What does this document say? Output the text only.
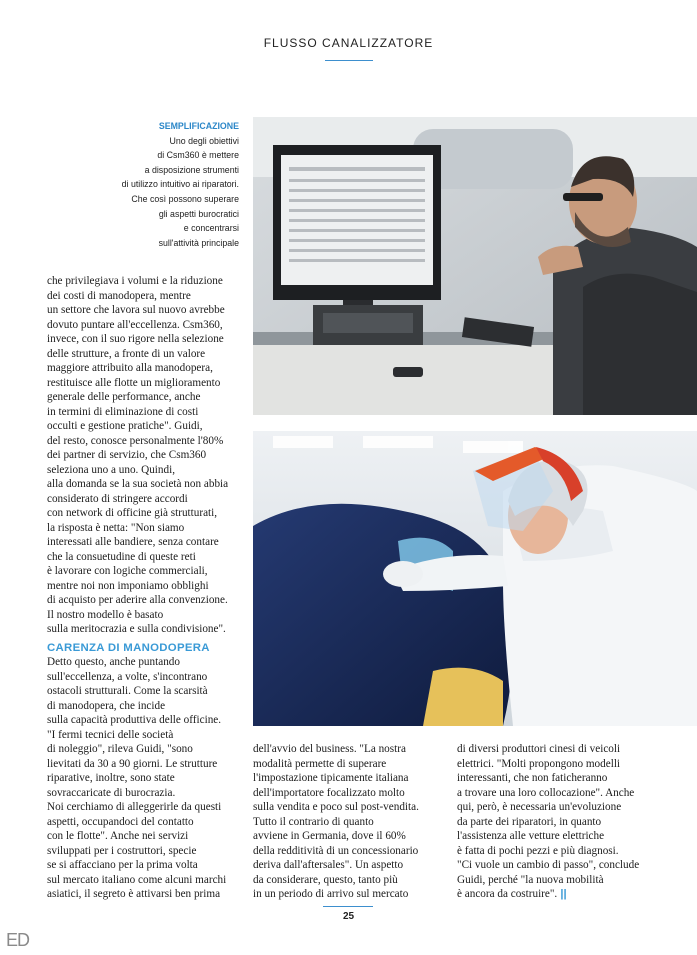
FLUSSO CANALIZZATORE
SEMPLIFICAZIONE

Uno degli obiettivi
di Csm360 è mettere
a disposizione strumenti
di utilizzo intuitivo ai riparatori.
Che così possono superare
gli aspetti burocratici
e concentrarsi
sull'attività principale
che privilegiava i volumi e la riduzione
dei costi di manodopera, mentre
un settore che lavora sul nuovo avrebbe
dovuto puntare all'eccellenza. Csm360,
invece, con il suo rigore nella selezione
delle strutture, a fronte di un valore
maggiore attribuito alla manodopera,
restituisce alle flotte un miglioramento
generale delle performance, anche
in termini di eliminazione di costi
occulti e gestione pratiche". Guidi,
del resto, conosce personalmente l'80%
dei partner di servizio, che Csm360
seleziona uno a uno. Quindi,
alla domanda se la sua società non abbia
considerato di stringere accordi
con network di officine già strutturati,
la risposta è netta: "Non siamo
interessati alle bandiere, senza contare
che la consuetudine di queste reti
è lavorare con logiche commerciali,
mentre noi non imponiamo obblighi
di acquisto per aderire alla convenzione.
Il nostro modello è basato
sulla meritocrazia e sulla condivisione".
CARENZA DI MANODOPERA
Detto questo, anche puntando
sull'eccellenza, a volte, s'incontrano
ostacoli strutturali. Come la scarsità
di manodopera, che incide
sulla capacità produttiva delle officine.
"I fermi tecnici delle società
di noleggio", rileva Guidi, "sono
lievitati da 30 a 90 giorni. Le strutture
riparative, inoltre, sono state
sovraccaricate di burocrazia.
Noi cerchiamo di alleggerirle da questi
aspetti, occupandoci del contatto
con le flotte". Anche nei servizi
sviluppati per i costruttori, specie
se si affacciano per la prima volta
sul mercato italiano come alcuni marchi
asiatici, il segreto è attivarsi ben prima
dell'avvio del business. "La nostra
modalità permette di superare
l'impostazione tipicamente italiana
dell'importatore focalizzato molto
sulla vendita e poco sul post-vendita.
Tutto il contrario di quanto
avviene in Germania, dove il 60%
della redditività di un concessionario
deriva dall'aftersales". Un aspetto
da considerare, questo, tanto più
in un periodo di arrivo sul mercato
di diversi produttori cinesi di veicoli
elettrici. "Molti propongono modelli
interessanti, che non faticheranno
a trovare una loro collocazione". Anche
qui, però, è necessaria un'evoluzione
da parte dei riparatori, in quanto
l'assistenza alle vetture elettriche
è fatta di pochi pezzi e più diagnosi.
"Ci vuole un cambio di passo", conclude
Guidi, perché "la nuova mobilità
è ancora da costruire". ||
25
ED
